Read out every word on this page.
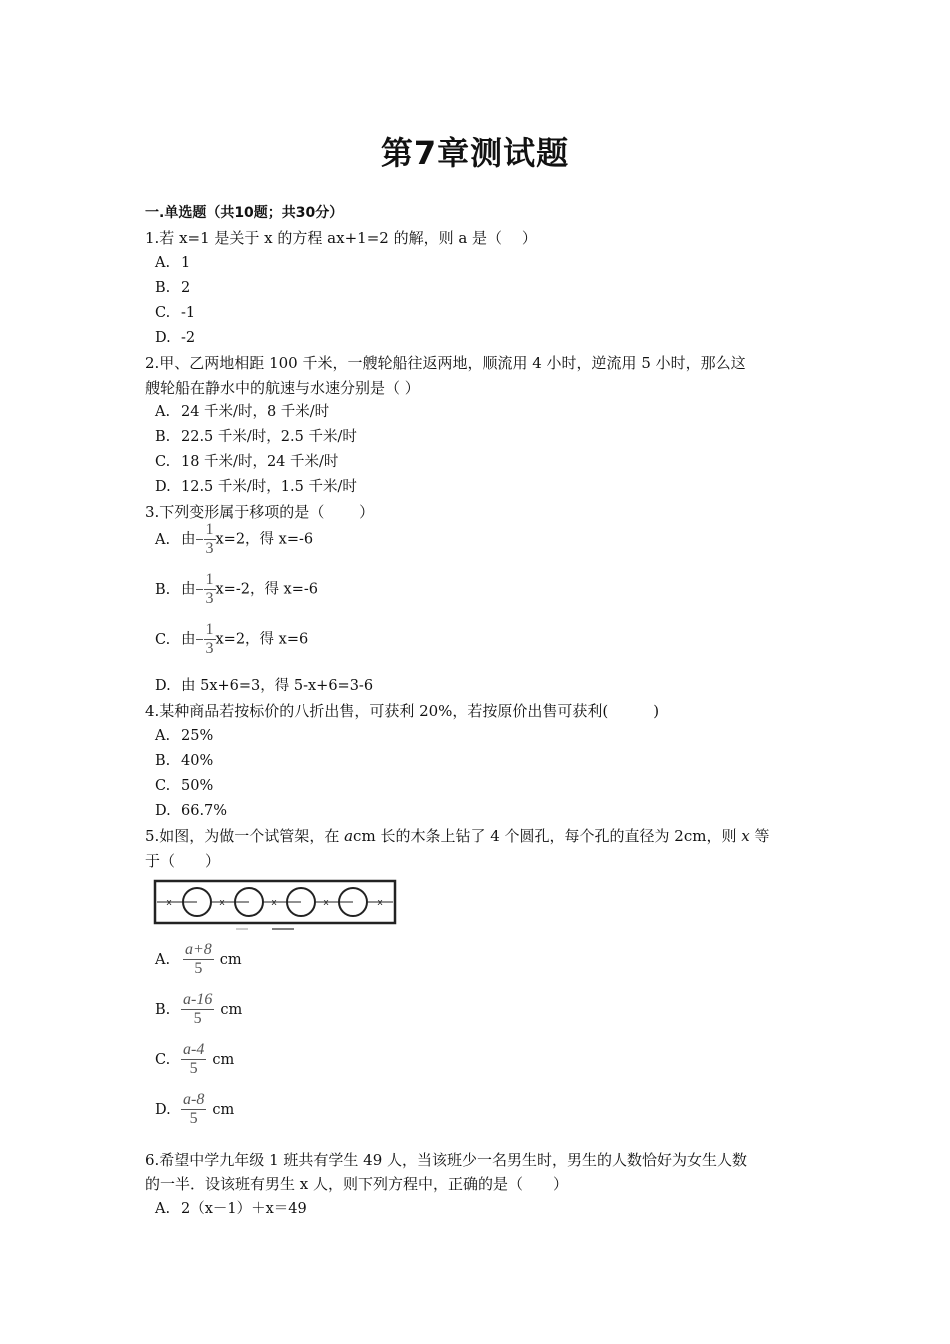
第7章测试题
一.单选题（共10题；共30分）
1.若 x=1 是关于 x 的方程 ax+1=2 的解，则 a 是（　 ）
A. 1
B. 2
C. -1
D. -2
2.甲、乙两地相距 100 千米，一艘轮船往返两地，顺流用 4 小时，逆流用 5 小时，那么这
艘轮船在静水中的航速与水速分别是（ ）
A. 24 千米/时，8 千米/时
B. 22.5 千米/时，2.5 千米/时
C. 18 千米/时，24 千米/时
D. 12.5 千米/时，1.5 千米/时
3.下列变形属于移项的是（　　 ）
A. 由 $\frac{1}{3} x=2$，得 x=-6
B. 由 $\frac{1}{3} x=-2$，得 x=-6
C. 由 $\frac{1}{3} x=2$，得 x=6
D. 由 5x+6=3，得 5-x+6=3-6
4.某种商品若按标价的八折出售，可获利 20%，若按原价出售可获利(　　　)
A. 25%
B. 40%
C. 50%
D. 66.7%
5.如图，为做一个试管架，在 acm 长的木条上钻了 4 个圆孔，每个孔的直径为 2cm，则 x 等
于（　　）
x	x	x	x	x
A. $\frac{a+8}{5}$ cm
B. $\frac{a-16}{5}$ cm
C. $\frac{a-4}{5}$ cm
D. $\frac{a-8}{5}$ cm
6.希望中学九年级 1 班共有学生 49 人，当该班少一名男生时，男生的人数恰好为女生人数
的一半．设该班有男生 x 人，则下列方程中，正确的是（　　）
A. 2（x－1）＋x＝49
